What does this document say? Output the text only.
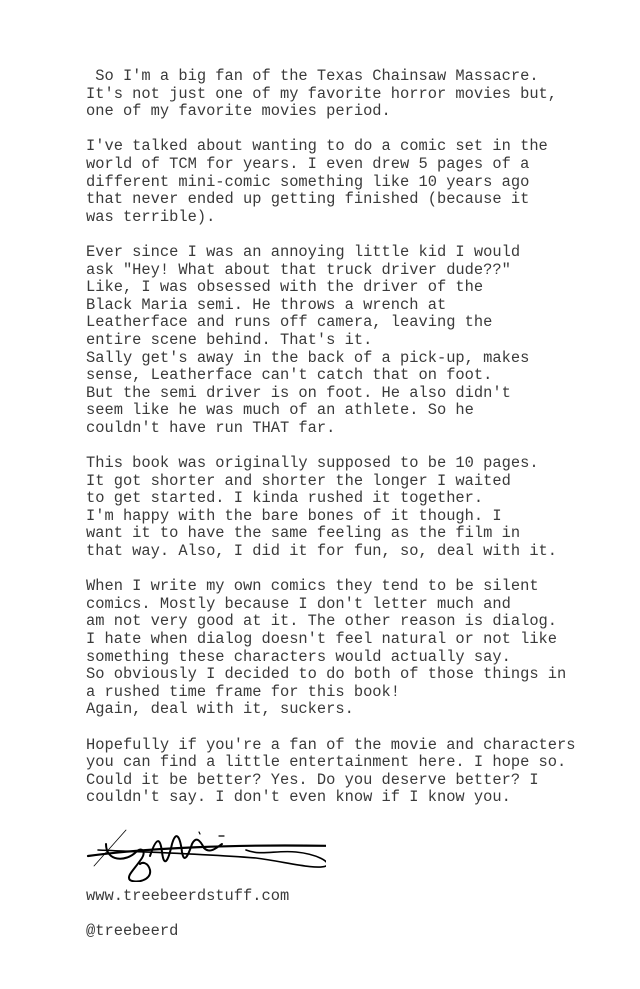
So I'm a big fan of the Texas Chainsaw Massacre.
It's not just one of my favorite horror movies but,
one of my favorite movies period.
I've talked about wanting to do a comic set in the
world of TCM for years. I even drew 5 pages of a
different mini-comic something like 10 years ago
that never ended up getting finished (because it
was terrible).
Ever since I was an annoying little kid I would
ask "Hey! What about that truck driver dude??"
Like, I was obsessed with the driver of the
Black Maria semi. He throws a wrench at
Leatherface and runs off camera, leaving the
entire scene behind. That's it.
Sally get's away in the back of a pick-up, makes
sense, Leatherface can't catch that on foot.
But the semi driver is on foot. He also didn't
seem like he was much of an athlete. So he
couldn't have run THAT far.
This book was originally supposed to be 10 pages.
It got shorter and shorter the longer I waited
to get started. I kinda rushed it together.
I'm happy with the bare bones of it though. I
want it to have the same feeling as the film in
that way. Also, I did it for fun, so, deal with it.
When I write my own comics they tend to be silent
comics. Mostly because I don't letter much and
am not very good at it. The other reason is dialog.
I hate when dialog doesn't feel natural or not like
something these characters would actually say.
So obviously I decided to do both of those things in
a rushed time frame for this book!
Again, deal with it, suckers.
Hopefully if you're a fan of the movie and characters
you can find a little entertainment here. I hope so.
Could it be better? Yes. Do you deserve better? I
couldn't say. I don't even know if I know you.
www.treebeerdstuff.com
@treebeerd
